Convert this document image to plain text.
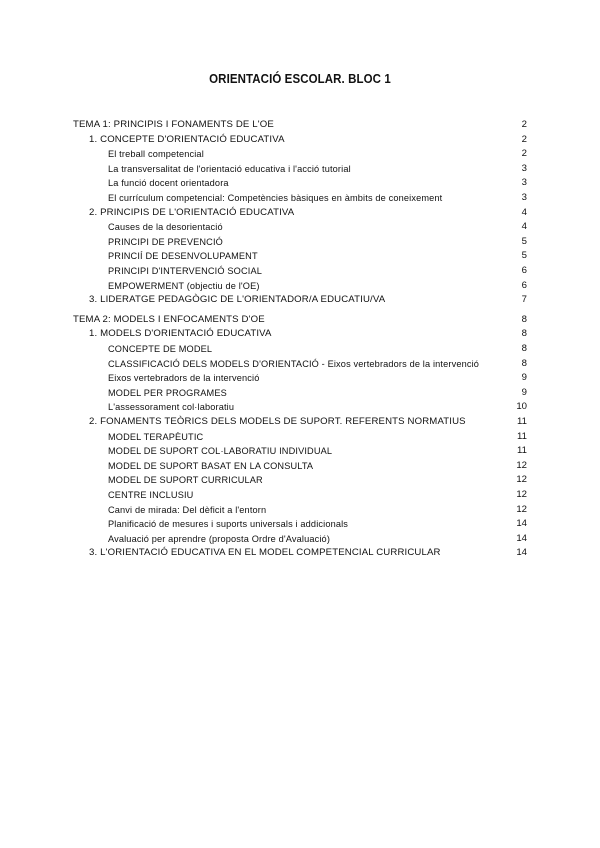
ORIENTACIÓ ESCOLAR. BLOC 1
TEMA 1: PRINCIPIS I FONAMENTS DE L'OE	2
1. CONCEPTE D'ORIENTACIÓ EDUCATIVA	2
El treball competencial	2
La transversalitat de l'orientació educativa i l'acció tutorial	3
La funció docent orientadora	3
El currículum competencial: Competències bàsiques en àmbits de coneixement	3
2. PRINCIPIS DE L'ORIENTACIÓ EDUCATIVA	4
Causes de la desorientació	4
PRINCIPI DE PREVENCIÓ	5
PRINCIÍ DE DESENVOLUPAMENT	5
PRINCIPI D'INTERVENCIÓ SOCIAL	6
EMPOWERMENT (objectiu de l'OE)	6
3. LIDERATGE PEDAGÒGIC DE L'ORIENTADOR/A EDUCATIU/VA	7
TEMA 2: MODELS I ENFOCAMENTS D'OE	8
1. MODELS D'ORIENTACIÓ EDUCATIVA	8
CONCEPTE DE MODEL	8
CLASSIFICACIÓ DELS MODELS D'ORIENTACIÓ - Eixos vertebradors de la intervenció	8
Eixos vertebradors de la intervenció	9
MODEL PER PROGRAMES	9
L'assessorament col·laboratiu	10
2. FONAMENTS TEÒRICS DELS MODELS DE SUPORT. REFERENTS NORMATIUS	11
MODEL TERAPÈUTIC	11
MODEL DE SUPORT COL·LABORATIU INDIVIDUAL	11
MODEL DE SUPORT BASAT EN LA CONSULTA	12
MODEL DE SUPORT CURRICULAR	12
CENTRE INCLUSIU	12
Canvi de mirada: Del dèficit a l'entorn	12
Planificació de mesures i suports universals i addicionals	14
Avaluació per aprendre (proposta Ordre d'Avaluació)	14
3. L'ORIENTACIÓ EDUCATIVA EN EL MODEL COMPETENCIAL CURRICULAR	14
